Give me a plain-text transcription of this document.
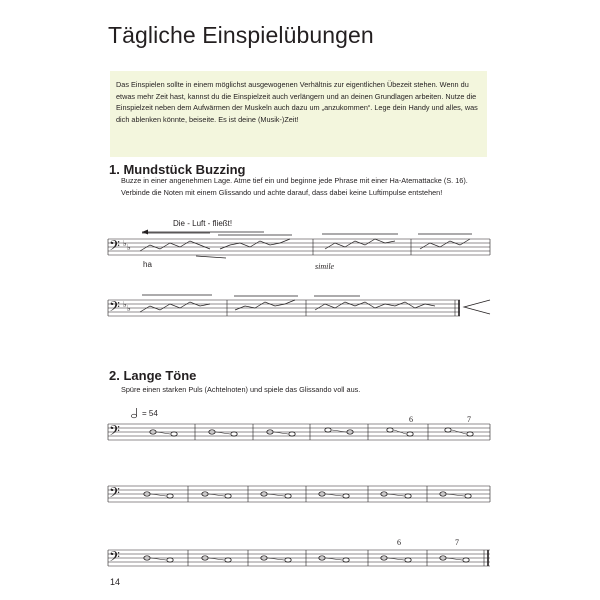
Tägliche Einspielübungen

Das Einspielen sollte in einem möglichst ausgewogenen Verhältnis zur eigentlichen Übezeit stehen. Wenn du etwas mehr Zeit hast, kannst du die Einspielzeit auch verlängern und an deinen Grundlagen arbeiten. Nutze die Einspielzeit neben dem Aufwärmen der Muskeln auch dazu um „anzukommen“. Lege dein Handy und alles, was dich ablenken könnte, beiseite. Es ist deine (Musik-)Zeit!

1. Mundstück Buzzing

Buzze in einer angenehmen Lage. Atme tief ein und beginne jede Phrase mit einer Ha-Atemattacke (S. 16). Verbinde die Noten mit einem Glissando und achte darauf, dass dabei keine Luftimpulse entstehen!

𝄢 ♭ ♭
𝄢 ♭ ♭
Die - Luft - fließt!
ha	simile
2. Lange Töne

Spüre einen starken Puls (Achtelnoten) und spiele das Glissando voll aus.

𝄢
𝄢
𝄢
= 54
6	7
6	7
14
